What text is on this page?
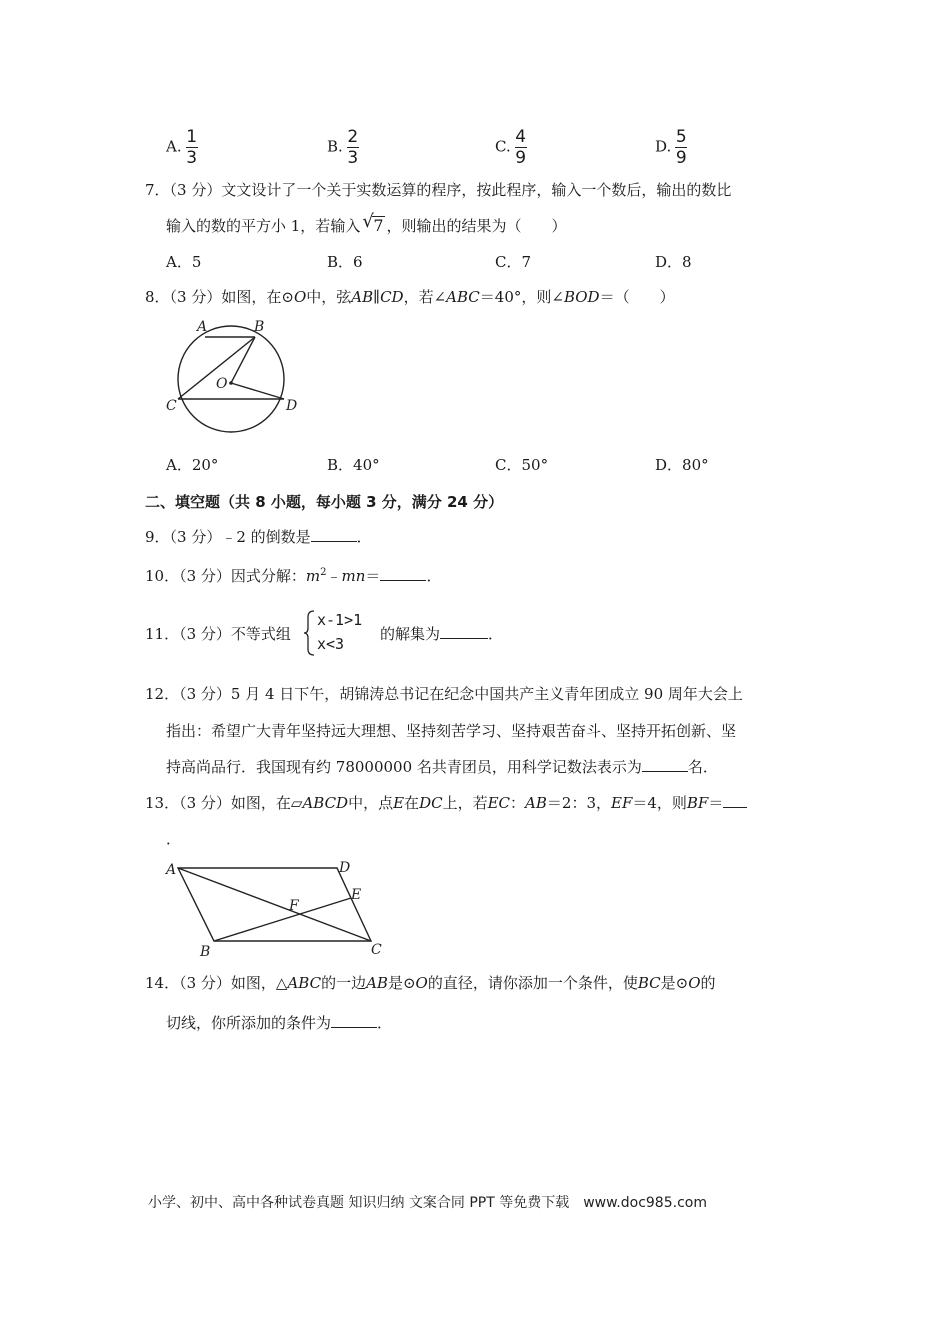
A. $\frac{1}{3}$	B. $\frac{2}{3}$	C. $\frac{4}{9}$	D. $\frac{5}{9}$
7．（3 分）文文设计了一个关于实数运算的程序，按此程序，输入一个数后，输出的数比
输入的数的平方小 1，若输入 √ 7 ，则输出的结果为（　　）
A．5	B．6	C．7	D．8
8．（3 分）如图，在⊙O中，弦AB∥CD，若∠ABC＝40°，则∠BOD＝（　　）
A	B
O
C	D
A．20°	B．40°	C．50°	D．80°
二、填空题（共 8 小题，每小题 3 分，满分 24 分）
9．（3 分）﹣2 的倒数是	．
10．（3 分）因式分解：$m^2﹣mn=$	．
11．（3 分）不等式组
x-1>1
x<3
的解集为	．
12．（3 分）5 月 4 日下午，胡锦涛总书记在纪念中国共产主义青年团成立 90 周年大会上
指出：希望广大青年坚持远大理想、坚持刻苦学习、坚持艰苦奋斗、坚持开拓创新、坚
持高尚品行．我国现有约 78000000 名共青团员，用科学记数法表示为	名．
13．（3 分）如图，在▱ABCD中，点E在DC上，若EC：AB＝2：3，EF＝4，则BF＝
．
A	D
E
F
B	C
14．（3 分）如图，△ABC的一边AB是⊙O的直径，请你添加一个条件，使BC是⊙O的
切线，你所添加的条件为	．
小学、初中、高中各种试卷真题 知识归纳 文案合同 PPT 等免费下载　www.doc985.com
